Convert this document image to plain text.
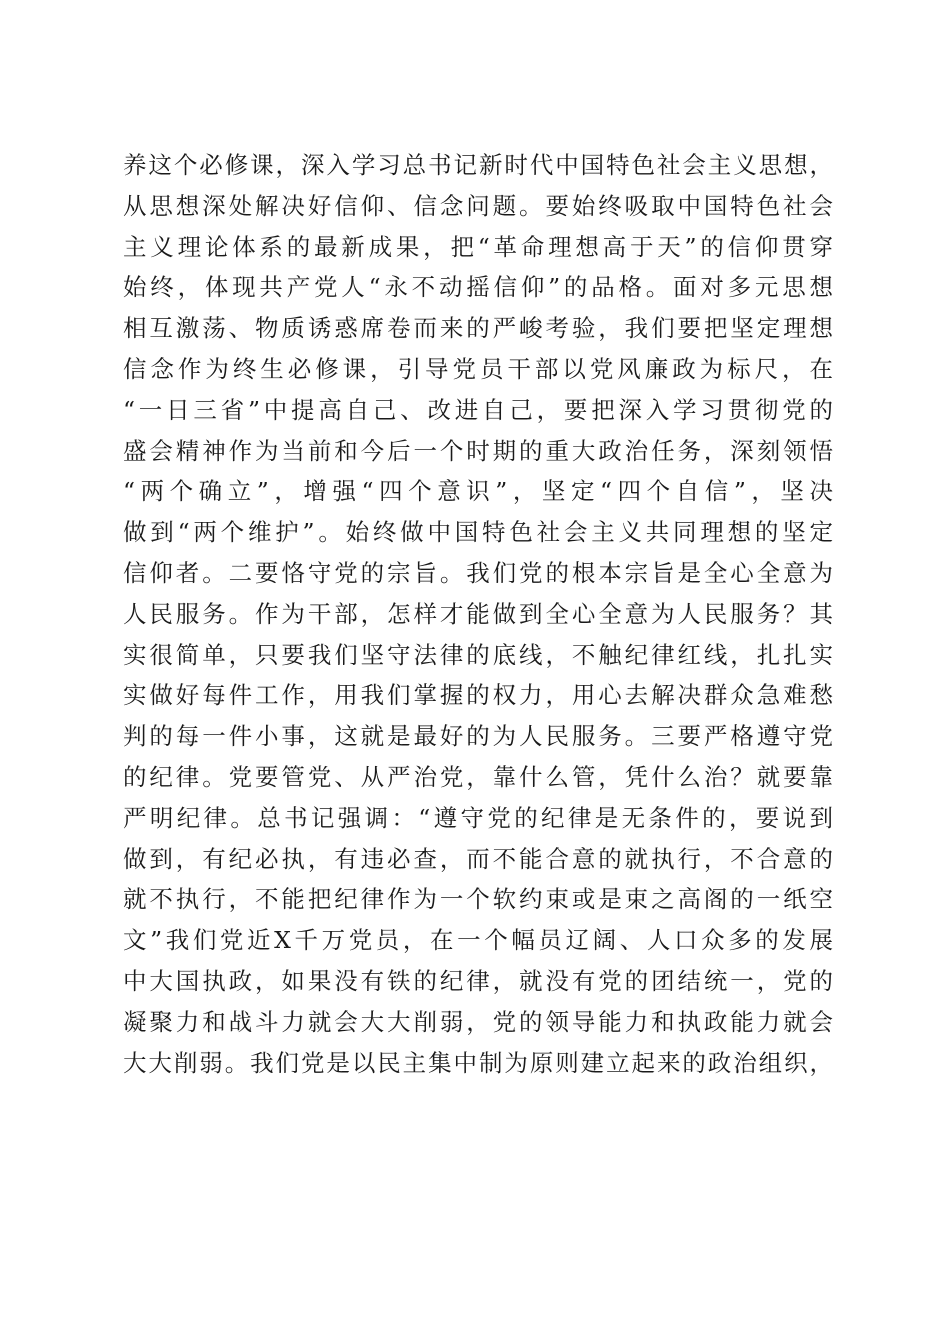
养这个必修课，深入学习总书记新时代中国特色社会主义思想，
从思想深处解决好信仰、信念问题。要始终吸取中国特色社会
主义理论体系的最新成果，把“革命理想高于天”的信仰贯穿
始终，体现共产党人“永不动摇信仰”的品格。面对多元思想
相互激荡、物质诱惑席卷而来的严峻考验，我们要把坚定理想
信念作为终生必修课，引导党员干部以党风廉政为标尺，在
“一日三省”中提高自己、改进自己，要把深入学习贯彻党的
盛会精神作为当前和今后一个时期的重大政治任务，深刻领悟
“两个确立”，增强“四个意识”，坚定“四个自信”，坚决
做到“两个维护”。始终做中国特色社会主义共同理想的坚定
信仰者。二要恪守党的宗旨。我们党的根本宗旨是全心全意为
人民服务。作为干部，怎样才能做到全心全意为人民服务？其
实很简单，只要我们坚守法律的底线，不触纪律红线，扎扎实
实做好每件工作，用我们掌握的权力，用心去解决群众急难愁
判的每一件小事，这就是最好的为人民服务。三要严格遵守党
的纪律。党要管党、从严治党，靠什么管，凭什么治？就要靠
严明纪律。总书记强调：“遵守党的纪律是无条件的，要说到
做到，有纪必执，有违必查，而不能合意的就执行，不合意的
就不执行，不能把纪律作为一个软约束或是束之高阁的一纸空
文”我们党近X千万党员，在一个幅员辽阔、人口众多的发展
中大国执政，如果没有铁的纪律，就没有党的团结统一，党的
凝聚力和战斗力就会大大削弱，党的领导能力和执政能力就会
大大削弱。我们党是以民主集中制为原则建立起来的政治组织，
